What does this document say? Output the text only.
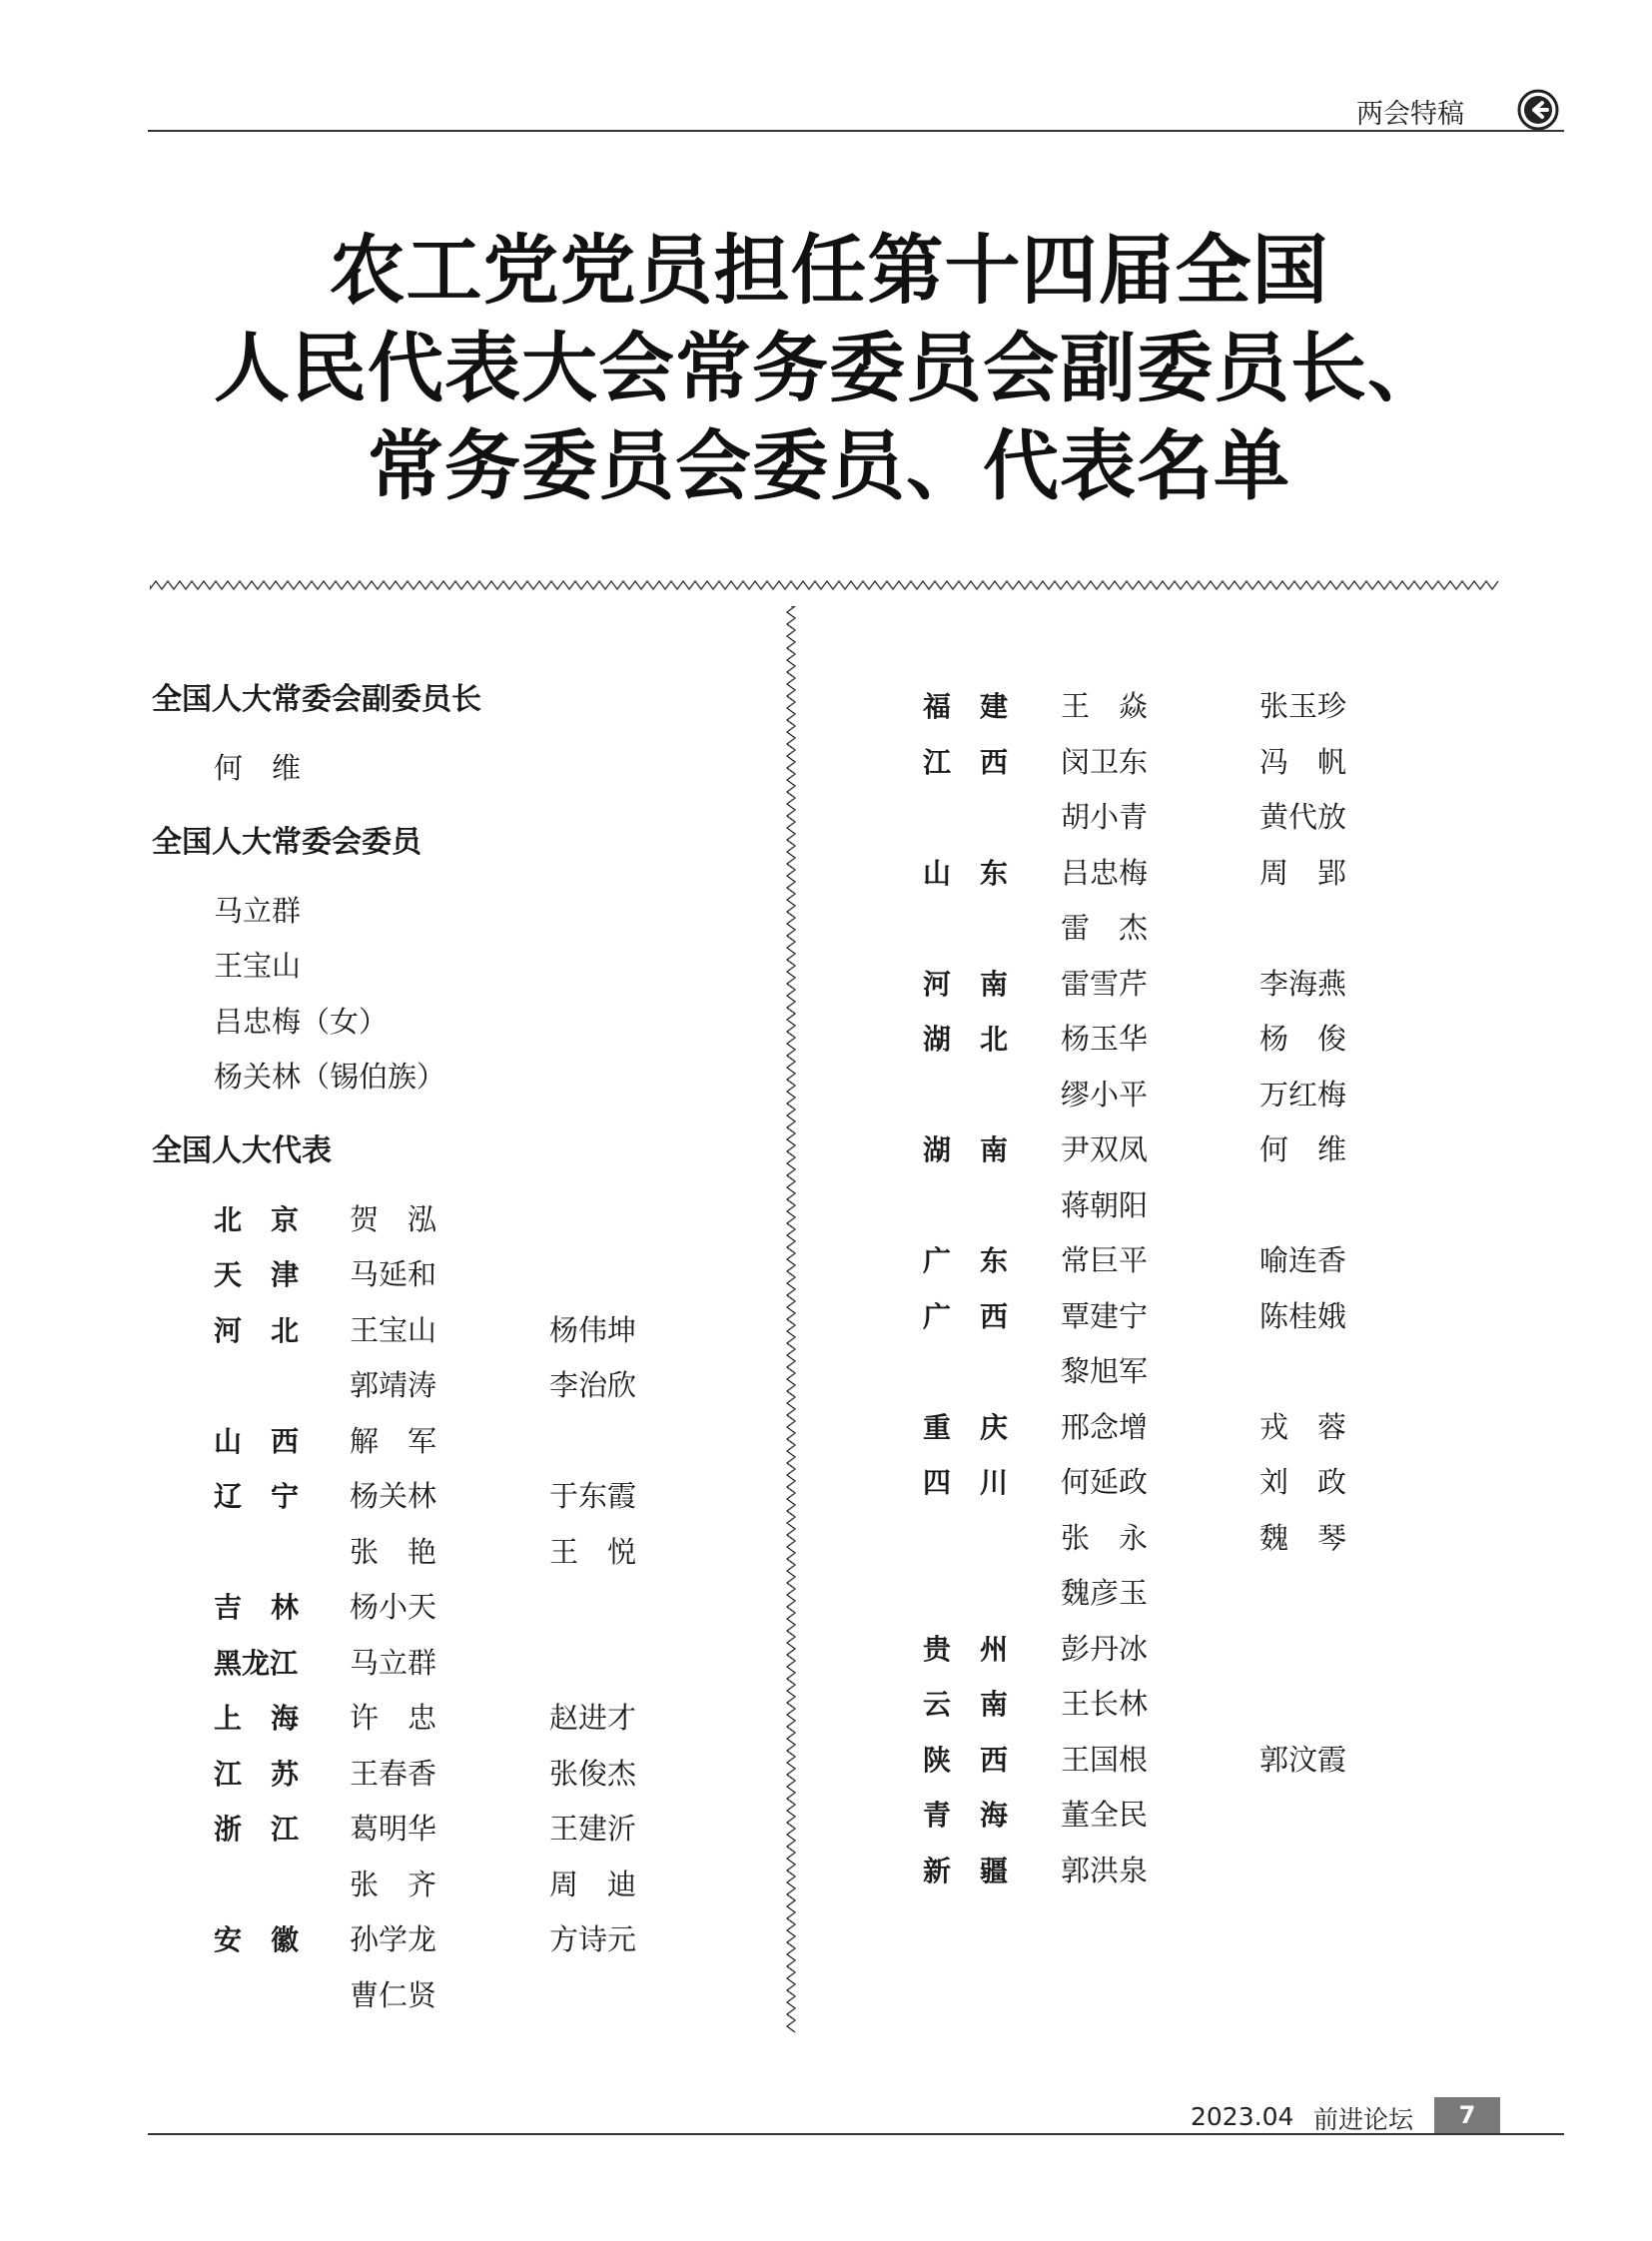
两会特稿
农工党党员担任第十四届全国
人民代表大会常务委员会副委员长、
常务委员会委员、代表名单
全国人大常委会副委员长
何　维
全国人大常委会委员
马立群
王宝山
吕忠梅（女）
杨关林（锡伯族）
全国人大代表
北京 贺　泓
天津 马延和
河北 王宝山	杨伟坤
郭靖涛	李治欣
山西 解　军
辽宁 杨关林	于东霞
张　艳	王　悦
吉林 杨小天
黑龙江 马立群
上海 许　忠	赵进才
江苏 王春香	张俊杰
浙江 葛明华	王建沂
张　齐	周　迪
安徽 孙学龙	方诗元
曹仁贤
福建 王　焱	张玉珍
江西 闵卫东	冯　帆
胡小青	黄代放
山东 吕忠梅	周　郢
雷　杰
河南 雷雪芹	李海燕
湖北 杨玉华	杨　俊
缪小平	万红梅
湖南 尹双凤	何　维
蒋朝阳
广东 常巨平	喻连香
广西 覃建宁	陈桂娥
黎旭军
重庆 邢念增	戎　蓉
四川 何延政	刘　政
张　永	魏　琴
魏彦玉
贵州 彭丹冰
云南 王长林
陕西 王国根	郭汶霞
青海 董全民
新疆 郭洪泉
2023.04 前进论坛	7
